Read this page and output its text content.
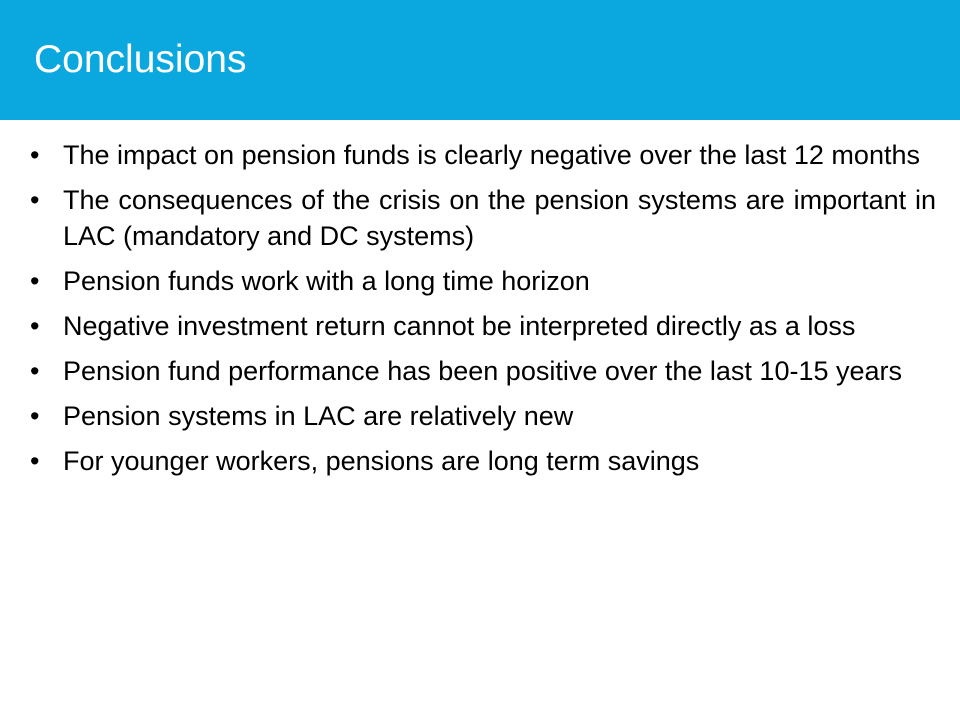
Conclusions
• The impact on pension funds is clearly negative over the last 12 months
• The consequences of the crisis on the pension systems are important in LAC (mandatory and DC systems)
• Pension funds work with a long time horizon
• Negative investment return cannot be interpreted directly as a loss
• Pension fund performance has been positive over the last 10-15 years
• Pension systems in LAC are relatively new
• For younger workers, pensions are long term savings
